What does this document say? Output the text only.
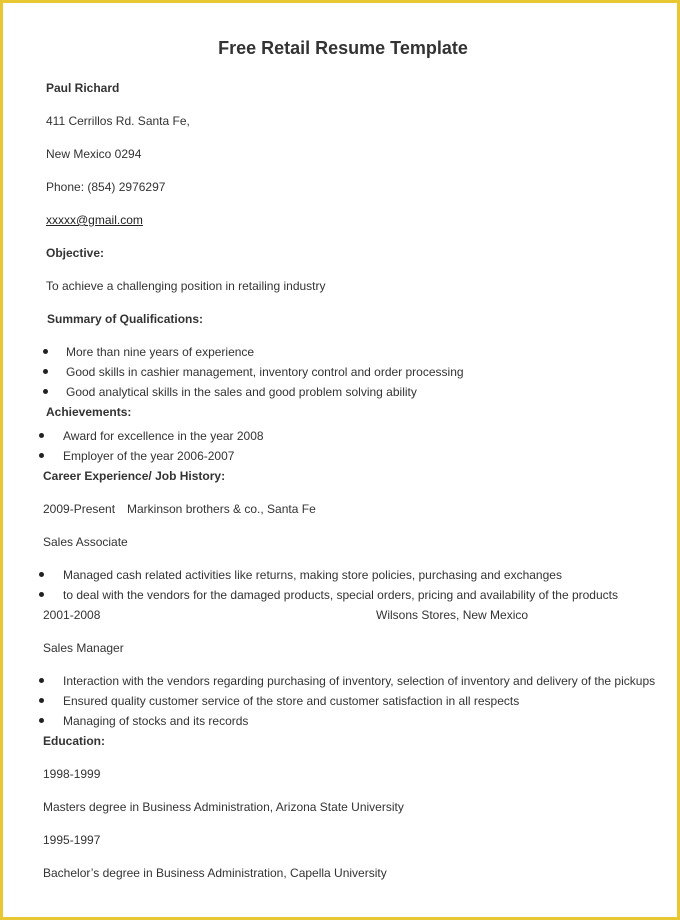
Free Retail Resume Template
Paul Richard
411 Cerrillos Rd. Santa Fe,
New Mexico 0294
Phone: (854) 2976297
xxxxx@gmail.com
Objective:
To achieve a challenging position in retailing industry
Summary of Qualifications:
More than nine years of experience
Good skills in cashier management, inventory control and order processing
Good analytical skills in the sales and good problem solving ability
Achievements:
Award for excellence in the year 2008
Employer of the year 2006-2007
Career Experience/ Job History:
2009-Present Markinson brothers & co., Santa Fe
Sales Associate
Managed cash related activities like returns, making store policies, purchasing and exchanges
to deal with the vendors for the damaged products, special orders, pricing and availability of the products
2001-2008	Wilsons Stores, New Mexico
Sales Manager
Interaction with the vendors regarding purchasing of inventory, selection of inventory and delivery of the pickups
Ensured quality customer service of the store and customer satisfaction in all respects
Managing of stocks and its records
Education:
1998-1999
Masters degree in Business Administration, Arizona State University
1995-1997
Bachelor’s degree in Business Administration, Capella University
